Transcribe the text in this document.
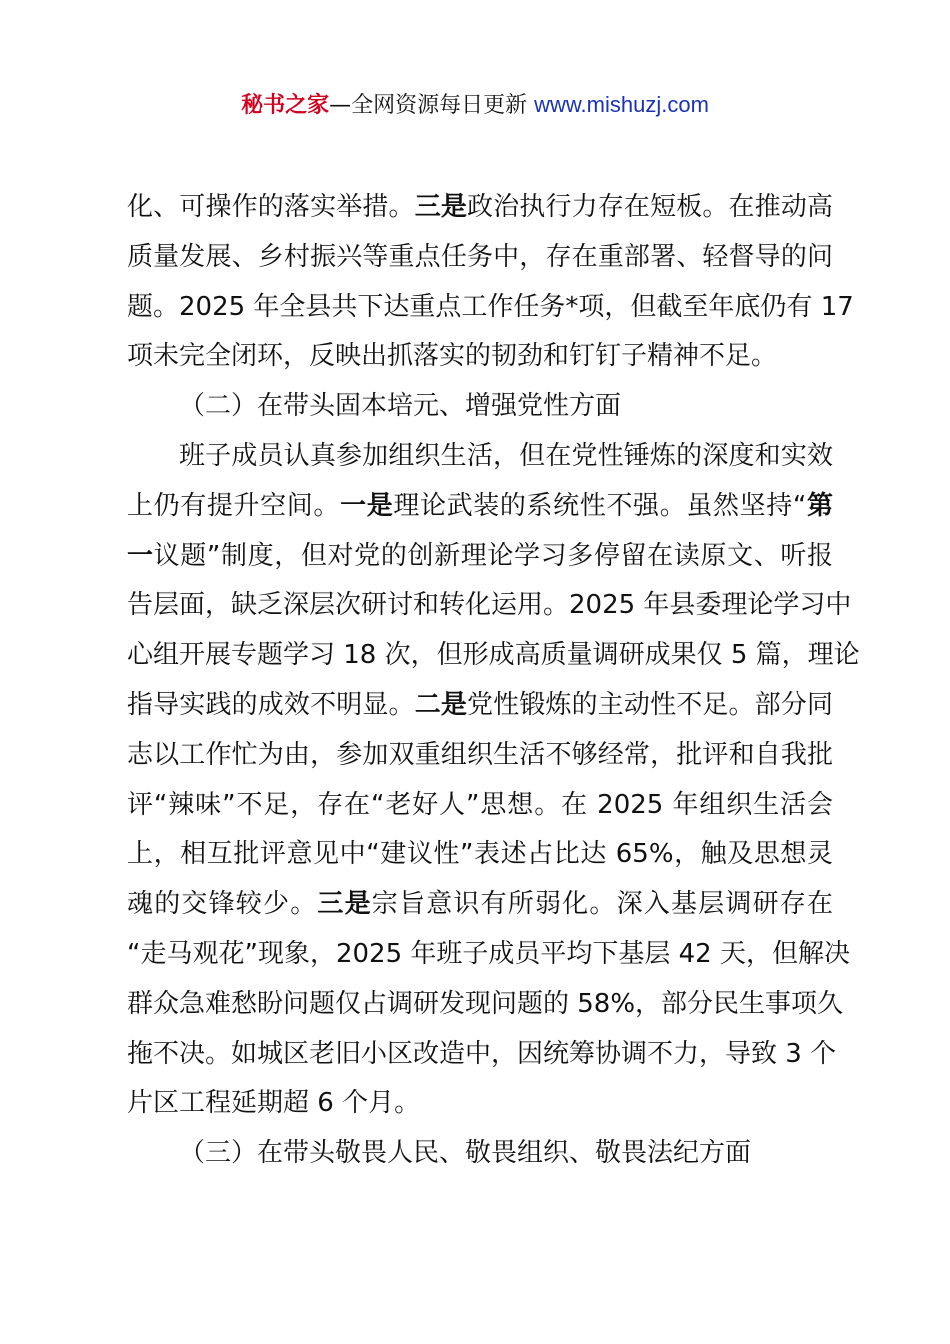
秘书之家—全网资源每日更新 www.mishuzj.com
化、可操作的落实举措。三是政治执行力存在短板。在推动高
质量发展、乡村振兴等重点任务中，存在重部署、轻督导的问
题。2025 年全县共下达重点工作任务*项，但截至年底仍有 17
项未完全闭环，反映出抓落实的韧劲和钉钉子精神不足。
（二）在带头固本培元、增强党性方面
班子成员认真参加组织生活，但在党性锤炼的深度和实效
上仍有提升空间。一是理论武装的系统性不强。虽然坚持“第
一议题”制度，但对党的创新理论学习多停留在读原文、听报
告层面，缺乏深层次研讨和转化运用。2025 年县委理论学习中
心组开展专题学习 18 次，但形成高质量调研成果仅 5 篇，理论
指导实践的成效不明显。二是党性锻炼的主动性不足。部分同
志以工作忙为由，参加双重组织生活不够经常，批评和自我批
评“辣味”不足，存在“老好人”思想。在 2025 年组织生活会
上，相互批评意见中“建议性”表述占比达 65%，触及思想灵
魂的交锋较少。三是宗旨意识有所弱化。深入基层调研存在
“走马观花”现象，2025 年班子成员平均下基层 42 天，但解决
群众急难愁盼问题仅占调研发现问题的 58%，部分民生事项久
拖不决。如城区老旧小区改造中，因统筹协调不力，导致 3 个
片区工程延期超 6 个月。
（三）在带头敬畏人民、敬畏组织、敬畏法纪方面
